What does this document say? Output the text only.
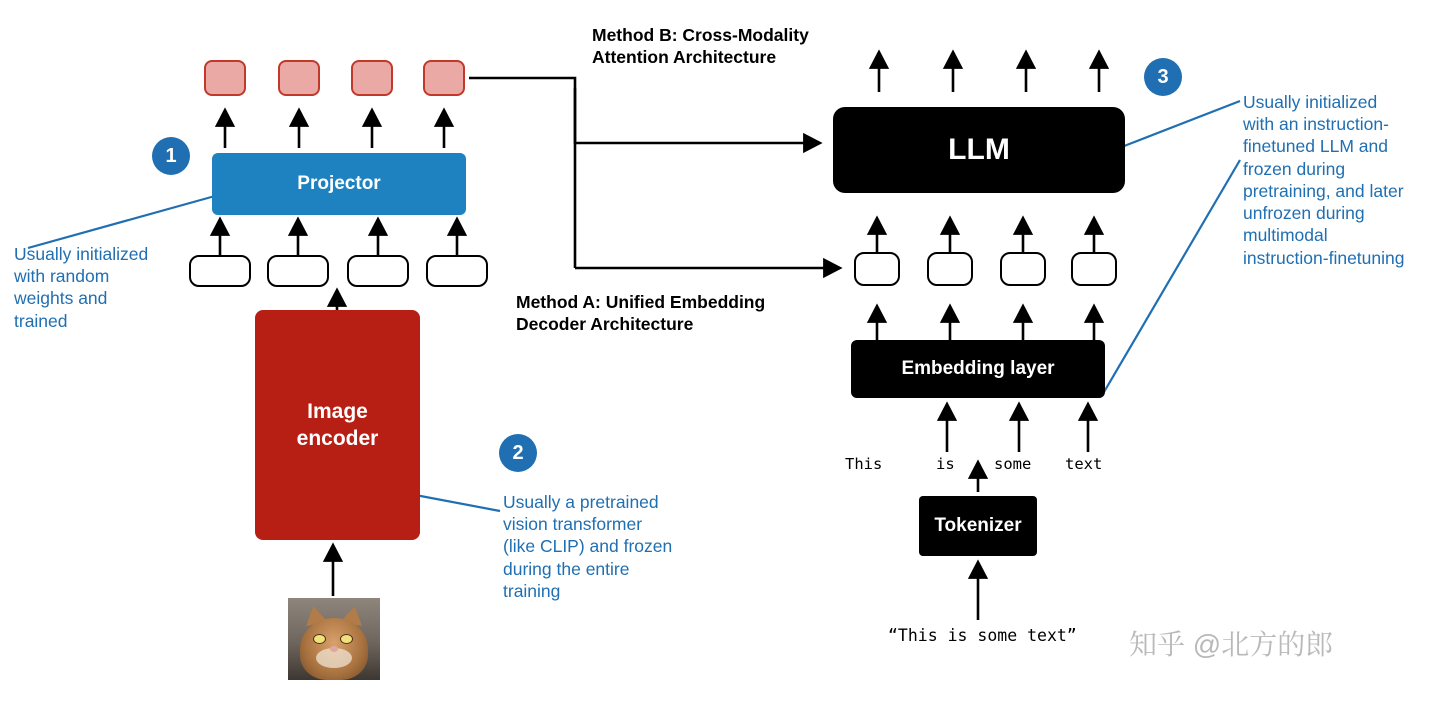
1
Projector
Image
encoder
Usually initialized
with random
weights and
trained
2
Usually a pretrained
vision transformer
(like CLIP) and frozen
during the entire
training
Method B: Cross-Modality
Attention Architecture
Method A: Unified Embedding
Decoder Architecture
LLM
3
Embedding layer
This	is	some text
Tokenizer
“This is some text”
Usually initialized
with an instruction-
finetuned LLM and
frozen during
pretraining, and later
unfrozen during
multimodal
instruction-finetuning
知乎 @北方的郎
